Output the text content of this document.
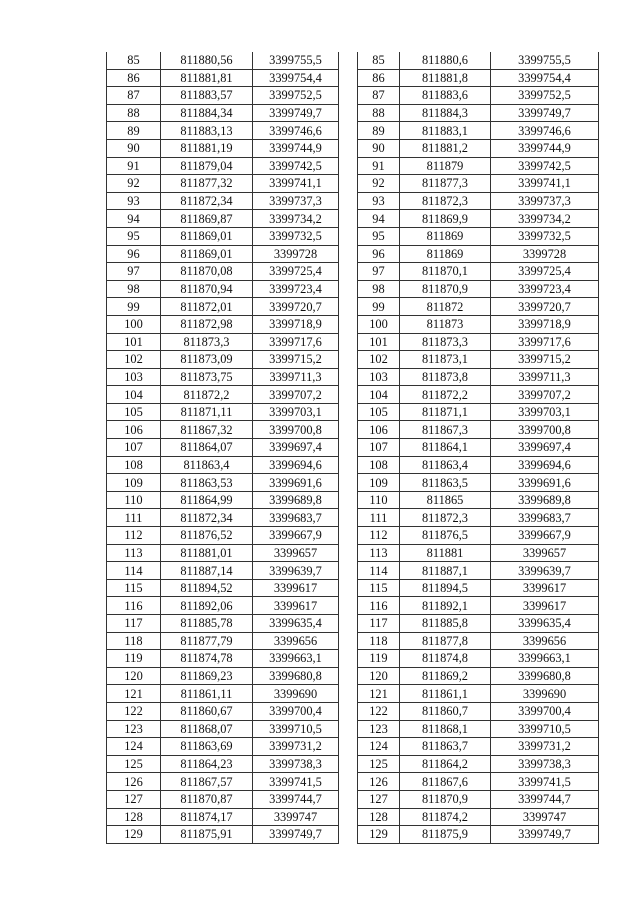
85	811880,56	3399755,5
86	811881,81	3399754,4
87	811883,57	3399752,5
88	811884,34	3399749,7
89	811883,13	3399746,6
90	811881,19	3399744,9
91	811879,04	3399742,5
92	811877,32	3399741,1
93	811872,34	3399737,3
94	811869,87	3399734,2
95	811869,01	3399732,5
96	811869,01	3399728
97	811870,08	3399725,4
98	811870,94	3399723,4
99	811872,01	3399720,7
100	811872,98	3399718,9
101	811873,3	3399717,6
102	811873,09	3399715,2
103	811873,75	3399711,3
104	811872,2	3399707,2
105	811871,11	3399703,1
106	811867,32	3399700,8
107	811864,07	3399697,4
108	811863,4	3399694,6
109	811863,53	3399691,6
110	811864,99	3399689,8
111	811872,34	3399683,7
112	811876,52	3399667,9
113	811881,01	3399657
114	811887,14	3399639,7
115	811894,52	3399617
116	811892,06	3399617
117	811885,78	3399635,4
118	811877,79	3399656
119	811874,78	3399663,1
120	811869,23	3399680,8
121	811861,11	3399690
122	811860,67	3399700,4
123	811868,07	3399710,5
124	811863,69	3399731,2
125	811864,23	3399738,3
126	811867,57	3399741,5
127	811870,87	3399744,7
128	811874,17	3399747
129	811875,91	3399749,7
85	811880,6	3399755,5
86	811881,8	3399754,4
87	811883,6	3399752,5
88	811884,3	3399749,7
89	811883,1	3399746,6
90	811881,2	3399744,9
91	811879	3399742,5
92	811877,3	3399741,1
93	811872,3	3399737,3
94	811869,9	3399734,2
95	811869	3399732,5
96	811869	3399728
97	811870,1	3399725,4
98	811870,9	3399723,4
99	811872	3399720,7
100	811873	3399718,9
101	811873,3	3399717,6
102	811873,1	3399715,2
103	811873,8	3399711,3
104	811872,2	3399707,2
105	811871,1	3399703,1
106	811867,3	3399700,8
107	811864,1	3399697,4
108	811863,4	3399694,6
109	811863,5	3399691,6
110	811865	3399689,8
111	811872,3	3399683,7
112	811876,5	3399667,9
113	811881	3399657
114	811887,1	3399639,7
115	811894,5	3399617
116	811892,1	3399617
117	811885,8	3399635,4
118	811877,8	3399656
119	811874,8	3399663,1
120	811869,2	3399680,8
121	811861,1	3399690
122	811860,7	3399700,4
123	811868,1	3399710,5
124	811863,7	3399731,2
125	811864,2	3399738,3
126	811867,6	3399741,5
127	811870,9	3399744,7
128	811874,2	3399747
129	811875,9	3399749,7
